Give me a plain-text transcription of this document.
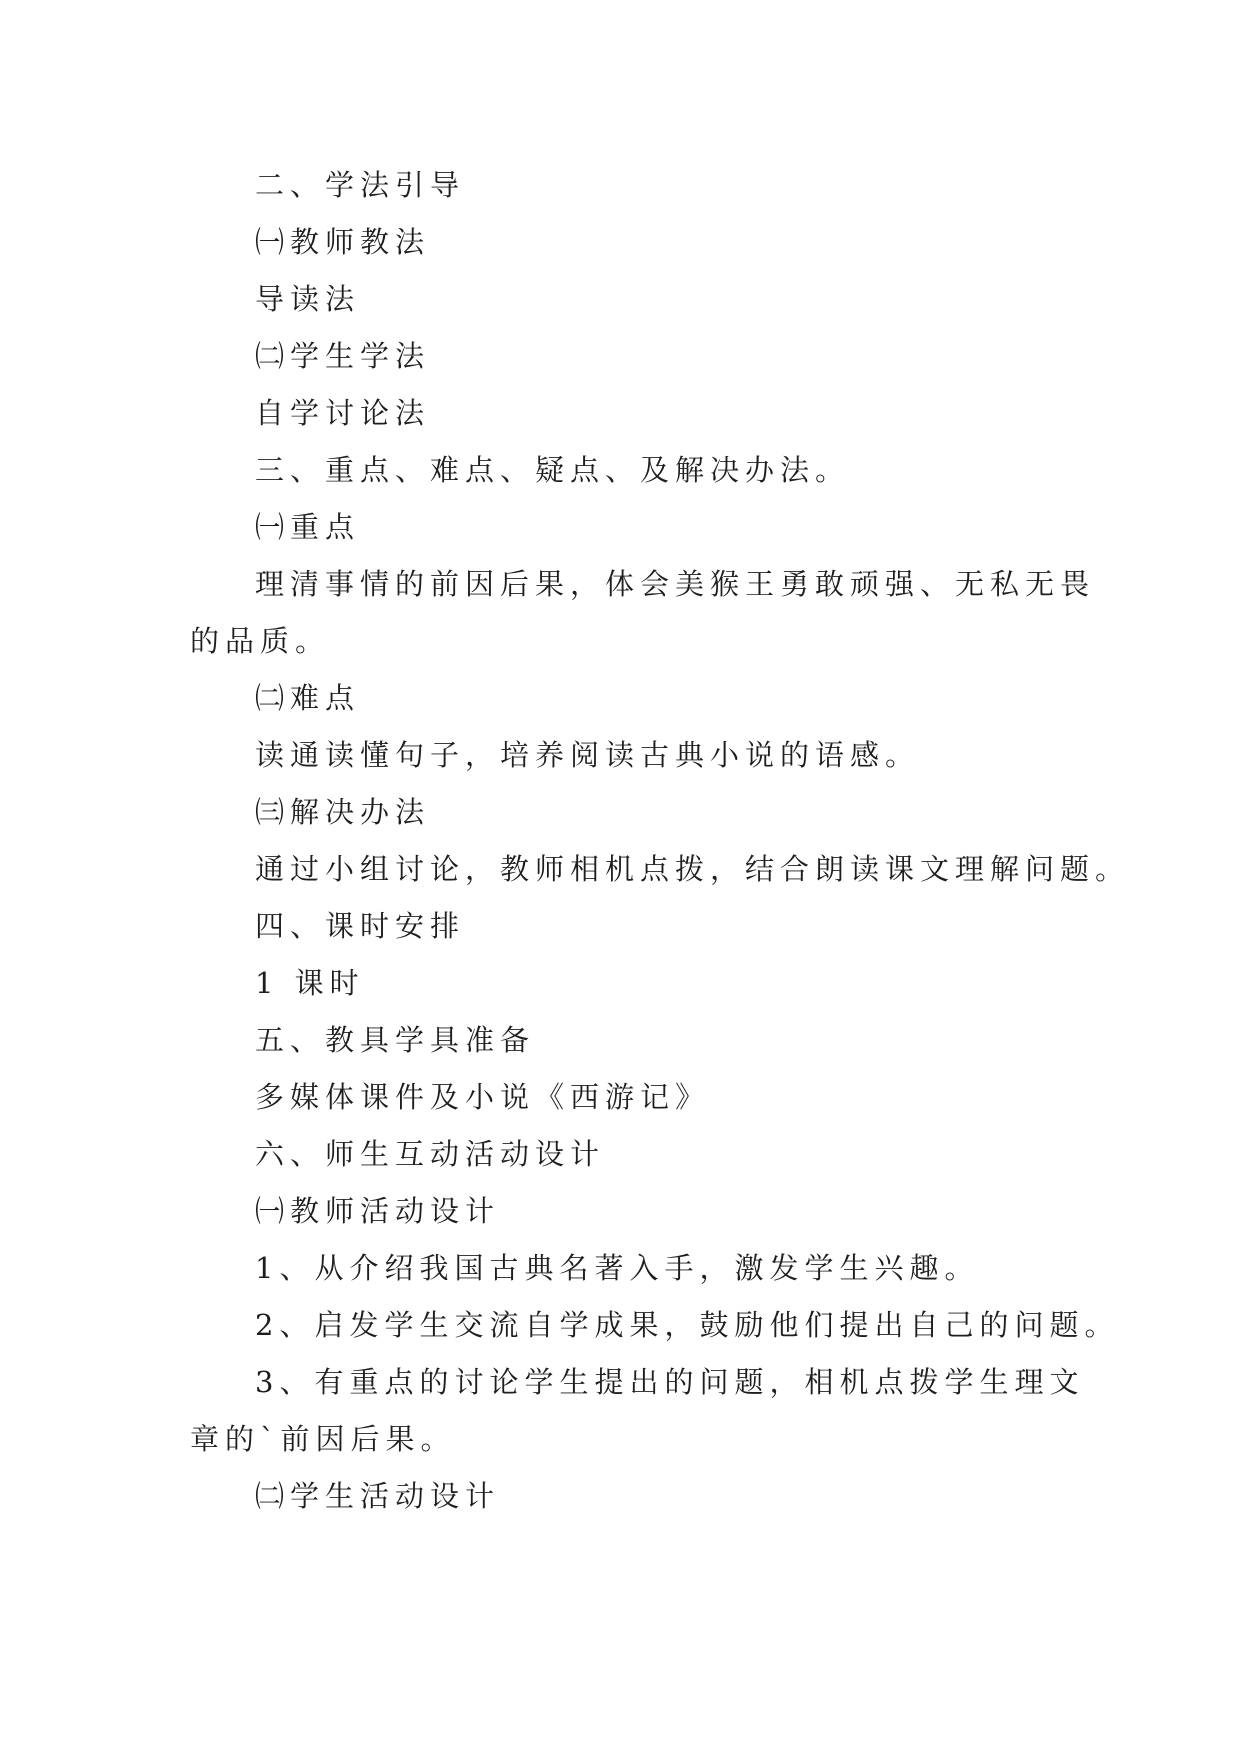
二、学法引导
㈠教师教法
导读法
㈡学生学法
自学讨论法
三、重点、难点、疑点、及解决办法。
㈠重点
理清事情的前因后果，体会美猴王勇敢顽强、无私无畏
的品质。
㈡难点
读通读懂句子，培养阅读古典小说的语感。
㈢解决办法
通过小组讨论，教师相机点拨，结合朗读课文理解问题。
四、课时安排
1 课时
五、教具学具准备
多媒体课件及小说《西游记》
六、师生互动活动设计
㈠教师活动设计
1、从介绍我国古典名著入手，激发学生兴趣。
2、启发学生交流自学成果，鼓励他们提出自己的问题。
3、有重点的讨论学生提出的问题，相机点拨学生理文
章的`前因后果。
㈡学生活动设计
